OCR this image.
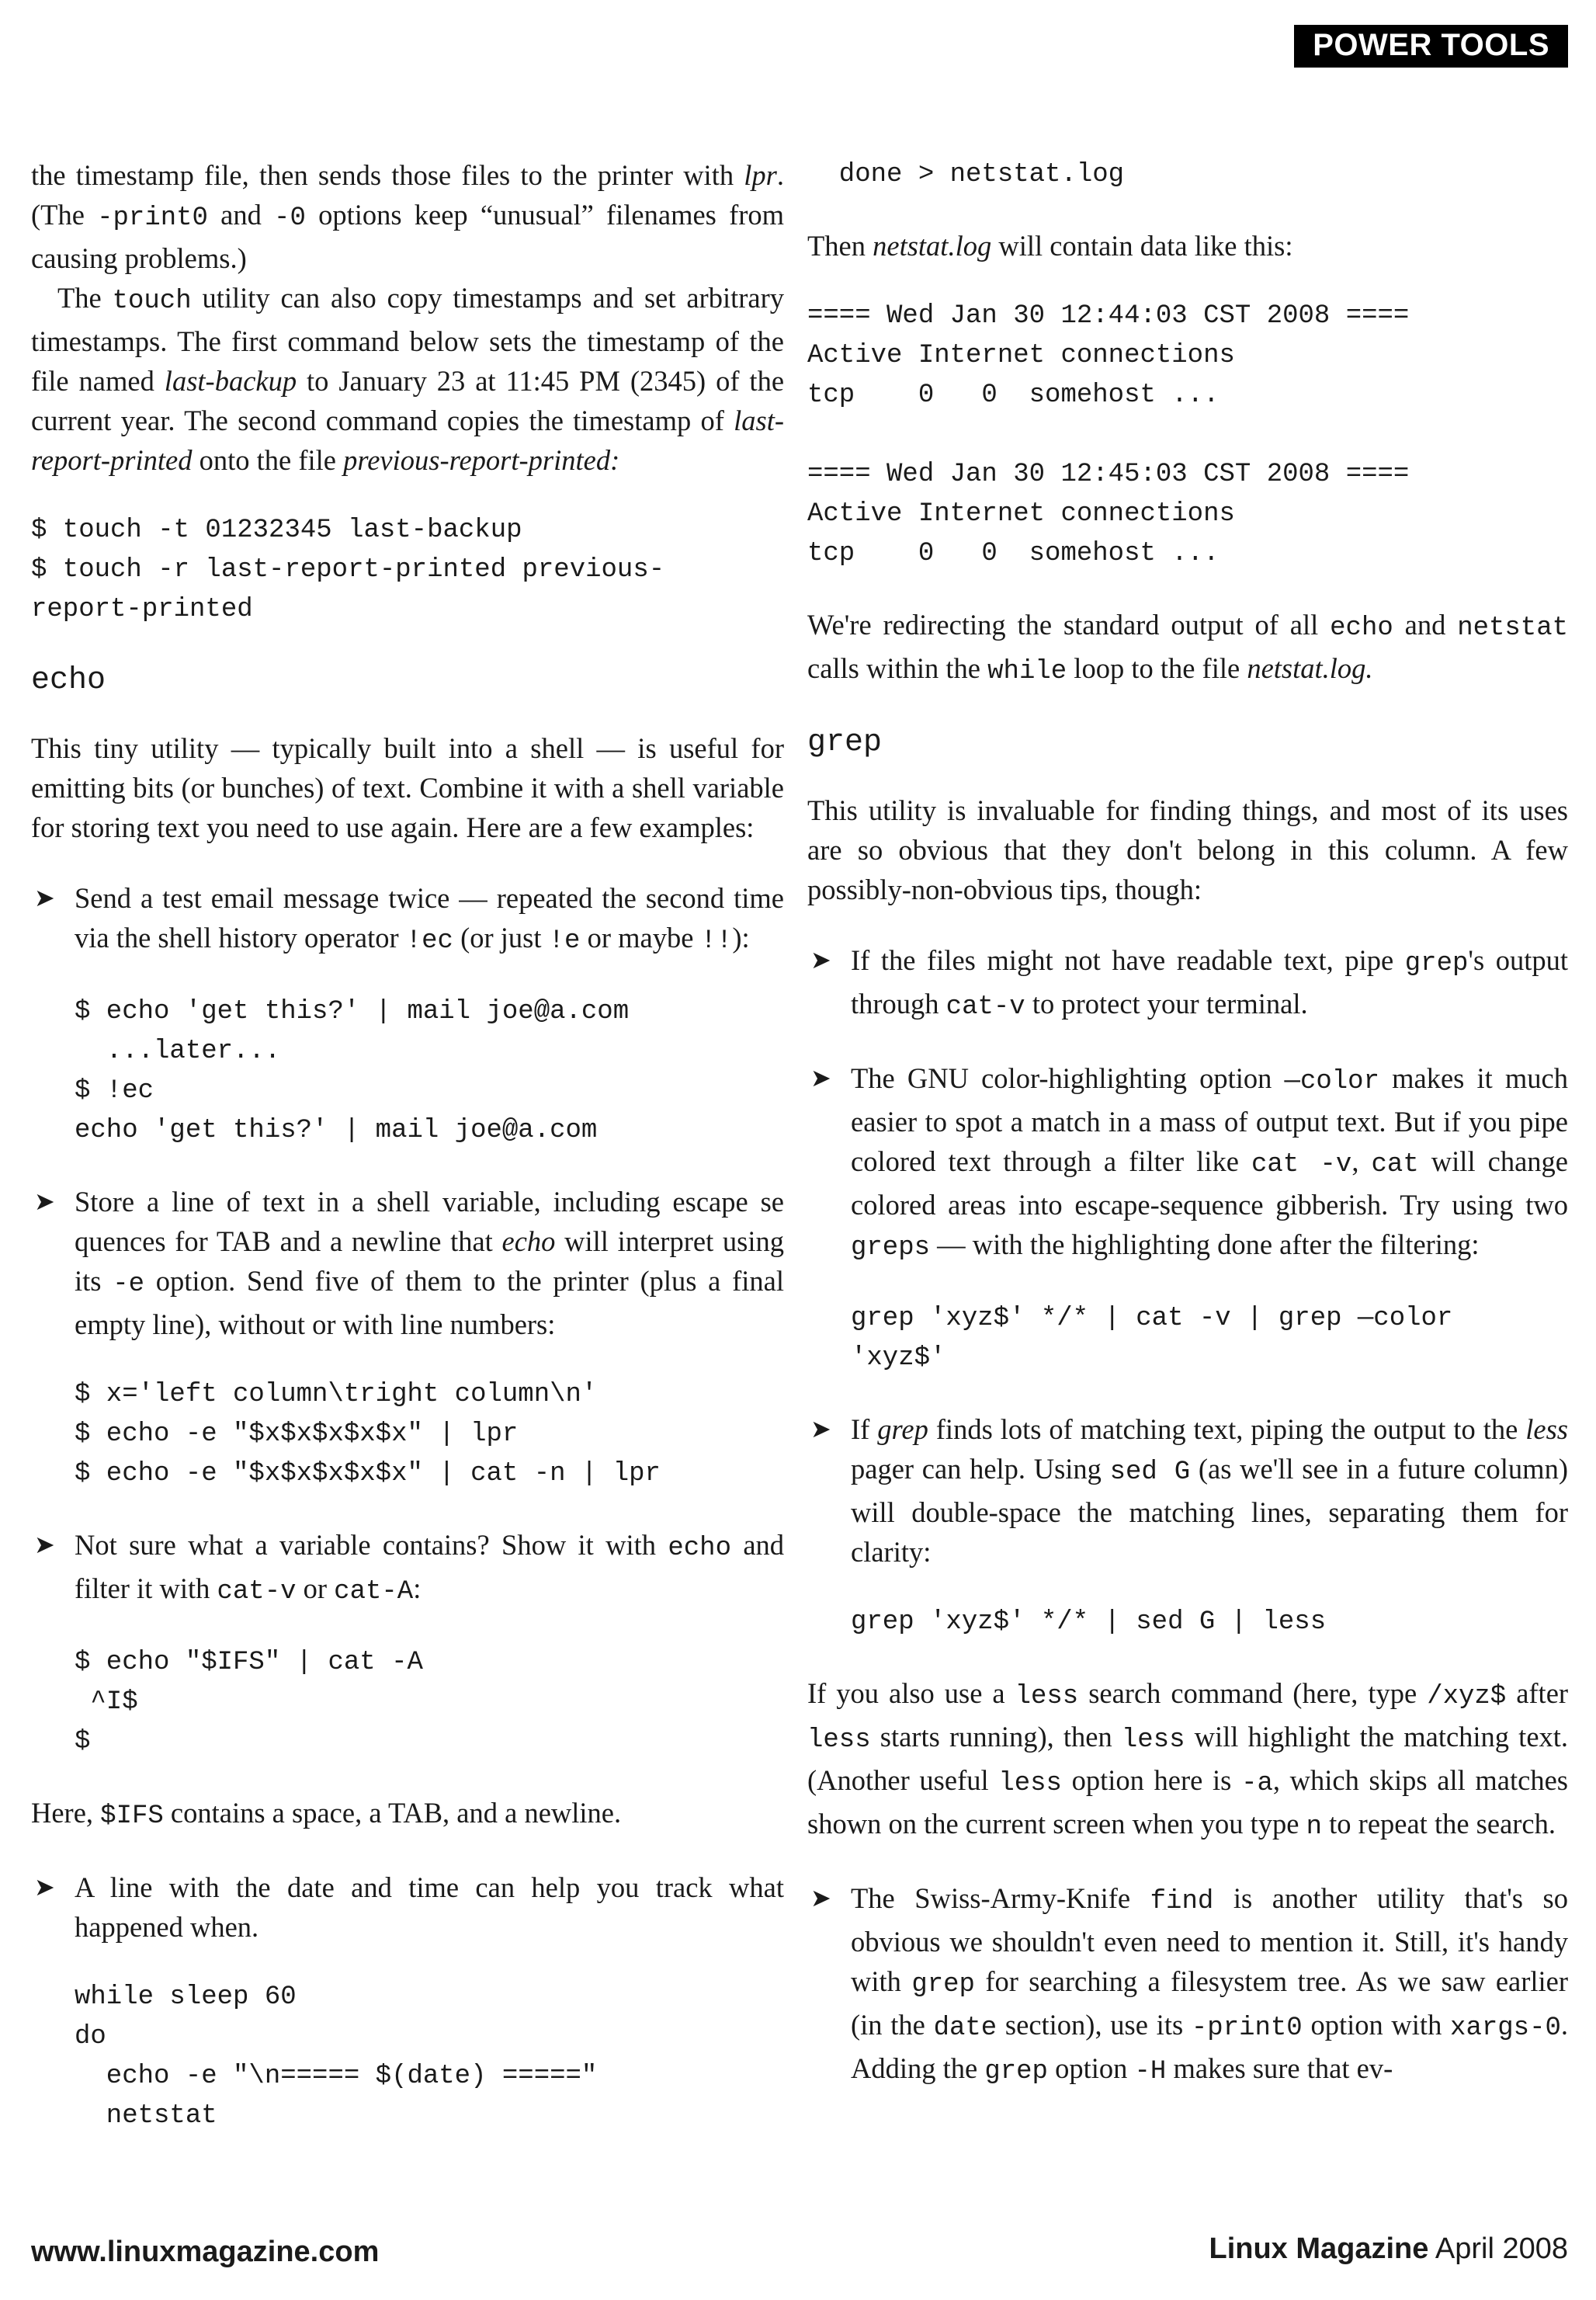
POWER TOOLS

the timestamp file, then sends those files to the printer with lpr. (The -print0 and -0 options keep “unusual” filenames from causing problems.)

The touch utility can also copy timestamps and set arbitrary timestamps. The first command below sets the timestamp of the file named last-backup to January 23 at 11:45 PM (2345) of the current year. The second command copies the timestamp of last-report-printed onto the file previous-report-printed:

$ touch -t 01232345 last-backup
$ touch -r last-report-printed previous-
report-printed
echo

This tiny utility — typically built into a shell — is useful for emitting bits (or bunches) of text. Combine it with a shell variable for storing text you need to use again. Here are a few examples:

➤ Send a test email message twice — repeated the second time via the shell history operator !ec (or just !e or maybe !!):
$ echo 'get this?' | mail joe@a.com
...later...
$ !ec
echo 'get this?' | mail joe@a.com
➤ Store a line of text in a shell variable, including escape se quences for TAB and a newline that echo will interpret using its -e option. Send five of them to the printer (plus a final empty line), without or with line numbers:
$ x='left column\tright column\n'
$ echo -e "$x$x$x$x$x" | lpr
$ echo -e "$x$x$x$x$x" | cat -n | lpr
➤ Not sure what a variable contains? Show it with echo and filter it with cat-v or cat-A:
$ echo "$IFS" | cat -A
^I$
$

Here, $IFS contains a space, a TAB, and a newline.

➤ A line with the date and time can help you track what happened when.
while sleep 60
do
echo -e "\n===== $(date) ====="
netstat
done > netstat.log

Then netstat.log will contain data like this:

==== Wed Jan 30 12:44:03 CST 2008 ====
Active Internet connections
tcp    0   0  somehost ...

==== Wed Jan 30 12:45:03 CST 2008 ====
Active Internet connections
tcp    0   0  somehost ...

We're redirecting the standard output of all echo and netstat calls within the while loop to the file netstat.log.

grep

This utility is invaluable for finding things, and most of its uses are so obvious that they don't belong in this column. A few possibly-non-obvious tips, though:

➤ If the files might not have readable text, pipe grep's output through cat-v to protect your terminal.
➤ The GNU color-highlighting option —color makes it much easier to spot a match in a mass of output text. But if you pipe colored text through a filter like cat -v, cat will change colored areas into escape-sequence gibberish. Try using two greps — with the highlighting done after the filtering:
grep 'xyz$' */* | cat -v | grep —color
'xyz$'
➤ If grep finds lots of matching text, piping the output to the less pager can help. Using sed G (as we'll see in a future column) will double-space the matching lines, separating them for clarity:
grep 'xyz$' */* | sed G | less

If you also use a less search command (here, type /xyz$ after less starts running), then less will highlight the matching text. (Another useful less option here is -a, which skips all matches shown on the current screen when you type n to repeat the search.

➤ The Swiss-Army-Knife find is another utility that's so obvious we shouldn't even need to mention it. Still, it's handy with grep for searching a filesystem tree. As we saw earlier (in the date section), use its -print0 option with xargs-0. Adding the grep option -H makes sure that ev-
www.linuxmagazine.com	Linux Magazine April 2008
